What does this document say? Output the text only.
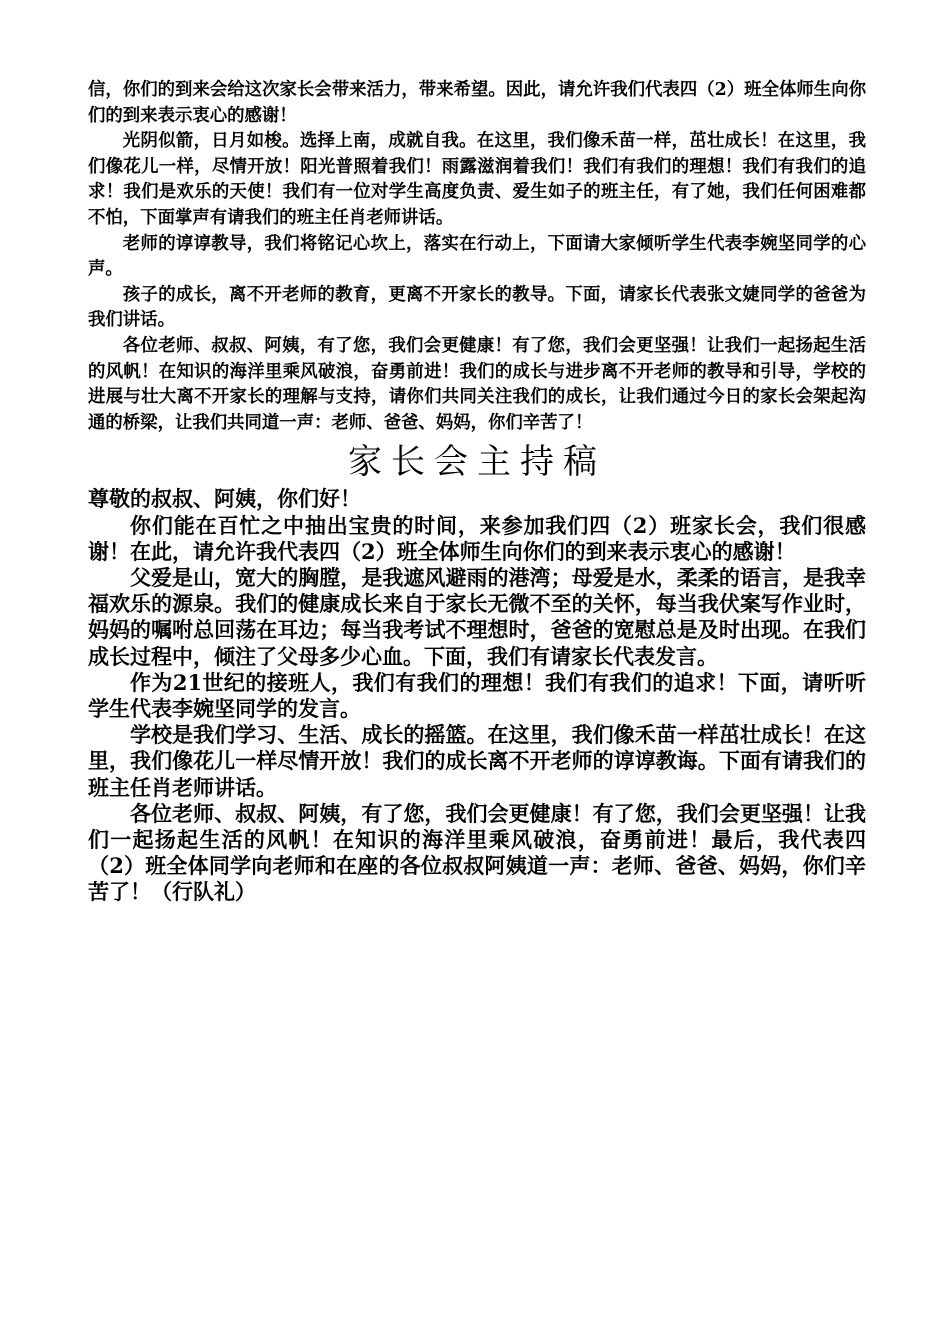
信，你们的到来会给这次家长会带来活力，带来希望。因此，请允许我们代表四（2）班全体师生向你们的到来表示衷心的感谢！

光阴似箭，日月如梭。选择上南，成就自我。在这里，我们像禾苗一样，茁壮成长！在这里，我们像花儿一样，尽情开放！阳光普照着我们！雨露滋润着我们！我们有我们的理想！我们有我们的追求！我们是欢乐的天使！我们有一位对学生高度负责、爱生如子的班主任，有了她，我们任何困难都不怕，下面掌声有请我们的班主任肖老师讲话。

老师的谆谆教导，我们将铭记心坎上，落实在行动上，下面请大家倾听学生代表李婉坚同学的心声。

孩子的成长，离不开老师的教育，更离不开家长的教导。下面，请家长代表张文婕同学的爸爸为我们讲话。

各位老师、叔叔、阿姨，有了您，我们会更健康！有了您，我们会更坚强！让我们一起扬起生活的风帆！在知识的海洋里乘风破浪，奋勇前进！我们的成长与进步离不开老师的教导和引导，学校的进展与壮大离不开家长的理解与支持，请你们共同关注我们的成长，让我们通过今日的家长会架起沟通的桥梁，让我们共同道一声：老师、爸爸、妈妈，你们辛苦了！

家长会主持稿

尊敬的叔叔、阿姨，你们好！

你们能在百忙之中抽出宝贵的时间，来参加我们四（2）班家长会，我们很感谢！在此，请允许我代表四（2）班全体师生向你们的到来表示衷心的感谢！

父爱是山，宽大的胸膛，是我遮风避雨的港湾；母爱是水，柔柔的语言，是我幸福欢乐的源泉。我们的健康成长来自于家长无微不至的关怀，每当我伏案写作业时，妈妈的嘱咐总回荡在耳边；每当我考试不理想时，爸爸的宽慰总是及时出现。在我们成长过程中，倾注了父母多少心血。下面，我们有请家长代表发言。

作为21世纪的接班人，我们有我们的理想！我们有我们的追求！下面，请听听学生代表李婉坚同学的发言。

学校是我们学习、生活、成长的摇篮。在这里，我们像禾苗一样茁壮成长！在这里，我们像花儿一样尽情开放！我们的成长离不开老师的谆谆教诲。下面有请我们的班主任肖老师讲话。

各位老师、叔叔、阿姨，有了您，我们会更健康！有了您，我们会更坚强！让我们一起扬起生活的风帆！在知识的海洋里乘风破浪，奋勇前进！最后，我代表四（2）班全体同学向老师和在座的各位叔叔阿姨道一声：老师、爸爸、妈妈，你们辛苦了！（行队礼）
